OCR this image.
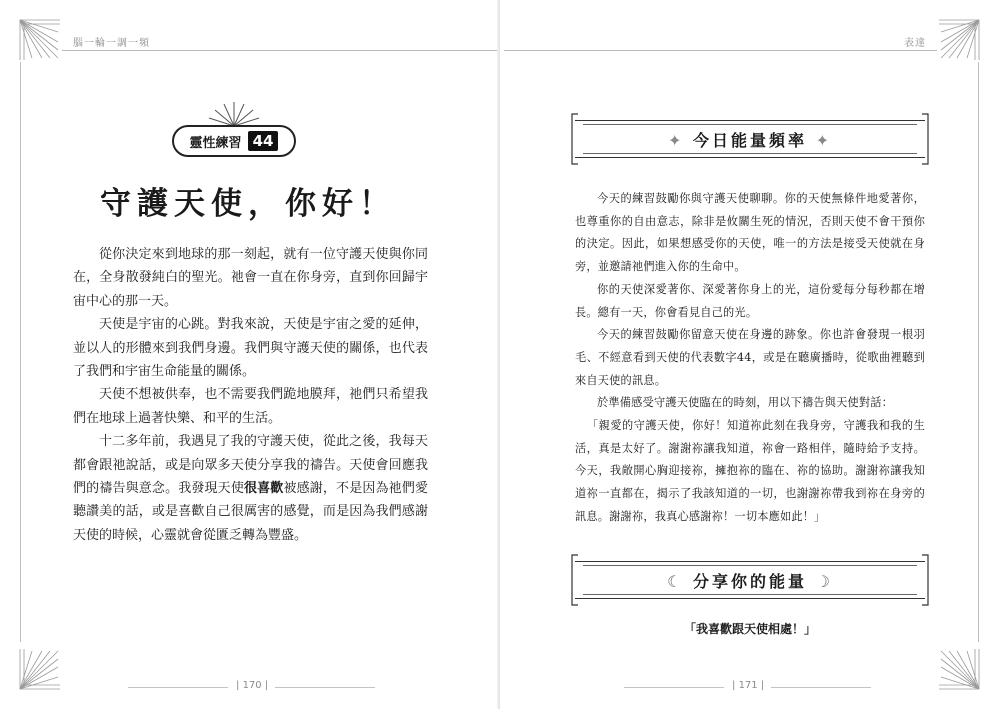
腦一輪一調一頻
靈性練習 44
守護天使，你好！

從你決定來到地球的那一刻起，就有一位守護天使與你同在，全身散發純白的聖光。祂會一直在你身旁，直到你回歸宇宙中心的那一天。

天使是宇宙的心跳。對我來說，天使是宇宙之愛的延伸，並以人的形體來到我們身邊。我們與守護天使的關係，也代表了我們和宇宙生命能量的關係。

天使不想被供奉，也不需要我們跪地膜拜，祂們只希望我們在地球上過著快樂、和平的生活。

十二多年前，我遇見了我的守護天使，從此之後，我每天都會跟祂說話，或是向眾多天使分享我的禱告。天使會回應我們的禱告與意念。我發現天使很喜歡被感謝，不是因為祂們愛聽讚美的話，或是喜歡自己很厲害的感覺，而是因為我們感謝天使的時候，心靈就會從匱乏轉為豐盛。

| 170 |
表達
✦ 今日能量頻率 ✦

今天的練習鼓勵你與守護天使聊聊。你的天使無條件地愛著你，也尊重你的自由意志，除非是攸關生死的情況，否則天使不會干預你的決定。因此，如果想感受你的天使，唯一的方法是接受天使就在身旁，並邀請祂們進入你的生命中。

你的天使深愛著你、深愛著你身上的光，這份愛每分每秒都在增長。總有一天，你會看見自己的光。

今天的練習鼓勵你留意天使在身邊的跡象。你也許會發現一根羽毛、不經意看到天使的代表數字44，或是在聽廣播時，從歌曲裡聽到來自天使的訊息。

於準備感受守護天使臨在的時刻，用以下禱告與天使對話：

「親愛的守護天使，你好！知道祢此刻在我身旁，守護我和我的生活，真是太好了。謝謝祢讓我知道，祢會一路相伴，隨時給予支持。今天，我敞開心胸迎接祢，擁抱祢的臨在、祢的協助。謝謝祢讓我知道祢一直都在，揭示了我該知道的一切，也謝謝祢帶我到祢在身旁的訊息。謝謝祢，我真心感謝祢！一切本應如此！」

☾ 分享你的能量 ☽
「我喜歡跟天使相處！」
| 171 |
